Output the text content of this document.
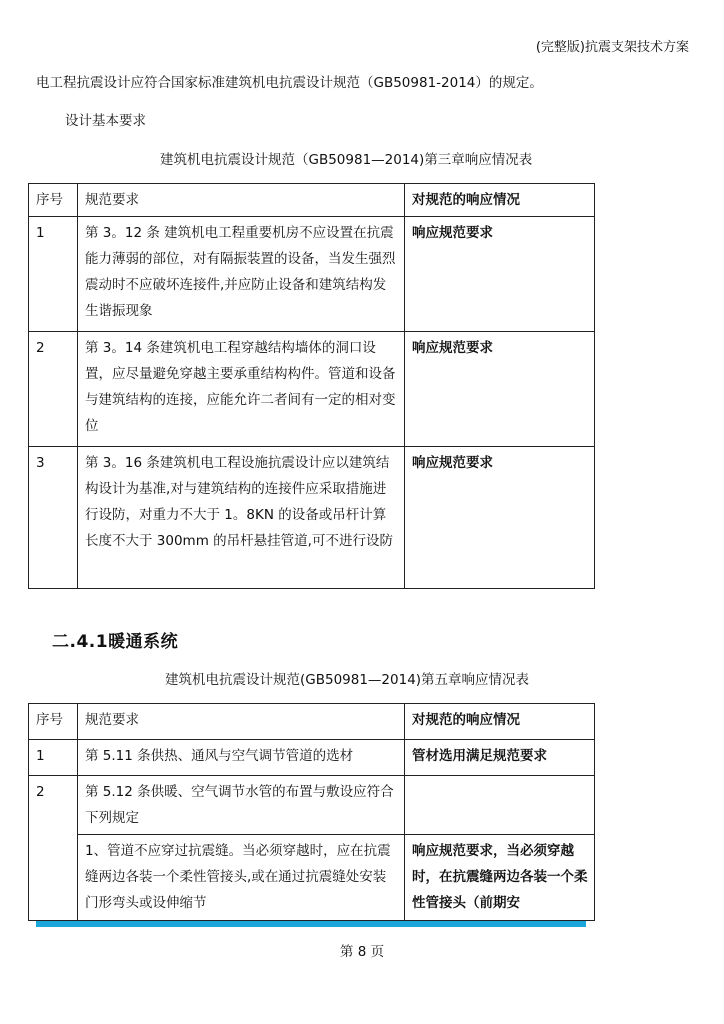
(完整版)抗震支架技术方案
电工程抗震设计应符合国家标准建筑机电抗震设计规范（GB50981-2014）的规定。
设计基本要求
建筑机电抗震设计规范（GB50981—2014)第三章响应情况表
序号	规范要求	对规范的响应情况
1	第 3。12 条 建筑机电工程重要机房不应设置在抗震能力薄弱的部位，对有隔振装置的设备，当发生强烈震动时不应破坏连接件,并应防止设备和建筑结构发生谐振现象	响应规范要求
2	第 3。14 条建筑机电工程穿越结构墙体的洞口设置，应尽量避免穿越主要承重结构构件。管道和设备与建筑结构的连接，应能允许二者间有一定的相对变位	响应规范要求
3	第 3。16 条建筑机电工程设施抗震设计应以建筑结构设计为基准,对与建筑结构的连接件应采取措施进行设防，对重力不大于 1。8KN 的设备或吊杆计算长度不大于 300mm 的吊杆悬挂管道,可不进行设防	响应规范要求
二.4.1暖通系统
建筑机电抗震设计规范(GB50981—2014)第五章响应情况表
序号	规范要求	对规范的响应情况
1	第 5.11 条供热、通风与空气调节管道的选材	管材选用满足规范要求
2	第 5.12 条供暖、空气调节水管的布置与敷设应符合下列规定	
	1、管道不应穿过抗震缝。当必须穿越时，应在抗震缝两边各装一个柔性管接头,或在通过抗震缝处安装门形弯头或设伸缩节	响应规范要求，当必须穿越时，在抗震缝两边各装一个柔性管接头（前期安
第 8 页
